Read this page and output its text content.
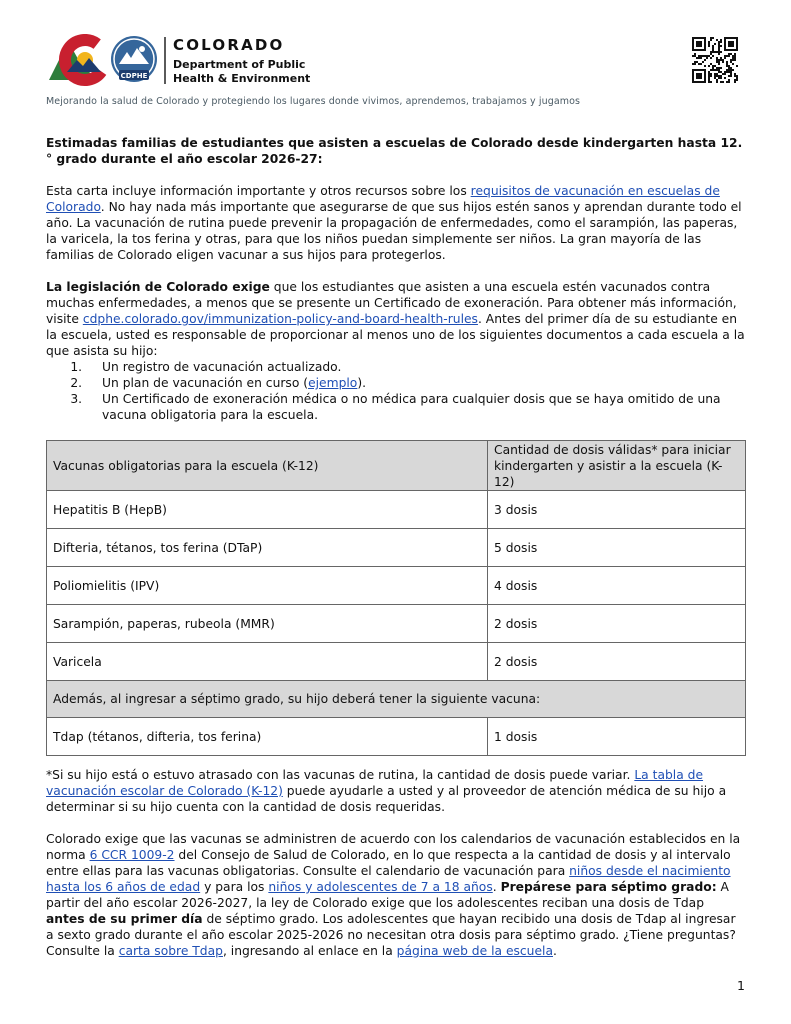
CDPHE
COLORADO
Department of Public
Health & Environment
Mejorando la salud de Colorado y protegiendo los lugares donde vivimos, aprendemos, trabajamos y jugamos

Estimadas familias de estudiantes que asisten a escuelas de Colorado desde kindergarten hasta 12.° grado durante el año escolar 2026-27:

Esta carta incluye información importante y otros recursos sobre los requisitos de vacunación en escuelas de Colorado. No hay nada más importante que asegurarse de que sus hijos estén sanos y aprendan durante todo el año. La vacunación de rutina puede prevenir la propagación de enfermedades, como el sarampión, las paperas, la varicela, la tos ferina y otras, para que los niños puedan simplemente ser niños. La gran mayoría de las familias de Colorado eligen vacunar a sus hijos para protegerlos.

La legislación de Colorado exige que los estudiantes que asisten a una escuela estén vacunados contra muchas enfermedades, a menos que se presente un Certificado de exoneración. Para obtener más información, visite cdphe.colorado.gov/immunization-policy-and-board-health-rules. Antes del primer día de su estudiante en la escuela, usted es responsable de proporcionar al menos uno de los siguientes documentos a cada escuela a la que asista su hijo:

1. Un registro de vacunación actualizado.
2. Un plan de vacunación en curso (ejemplo).
3. Un Certificado de exoneración médica o no médica para cualquier dosis que se haya omitido de una vacuna obligatoria para la escuela.
Vacunas obligatorias para la escuela (K-12)	Cantidad de dosis válidas* para iniciar kindergarten y asistir a la escuela (K-12)
Hepatitis B (HepB)	3 dosis
Difteria, tétanos, tos ferina (DTaP)	5 dosis
Poliomielitis (IPV)	4 dosis
Sarampión, paperas, rubeola (MMR)	2 dosis
Varicela	2 dosis
Además, al ingresar a séptimo grado, su hijo deberá tener la siguiente vacuna:	
Tdap (tétanos, difteria, tos ferina)	1 dosis

*Si su hijo está o estuvo atrasado con las vacunas de rutina, la cantidad de dosis puede variar. La tabla de vacunación escolar de Colorado (K-12) puede ayudarle a usted y al proveedor de atención médica de su hijo a determinar si su hijo cuenta con la cantidad de dosis requeridas.

Colorado exige que las vacunas se administren de acuerdo con los calendarios de vacunación establecidos en la norma 6 CCR 1009-2 del Consejo de Salud de Colorado, en lo que respecta a la cantidad de dosis y al intervalo entre ellas para las vacunas obligatorias. Consulte el calendario de vacunación para niños desde el nacimiento hasta los 6 años de edad y para los niños y adolescentes de 7 a 18 años. Prepárese para séptimo grado: A partir del año escolar 2026-2027, la ley de Colorado exige que los adolescentes reciban una dosis de Tdap antes de su primer día de séptimo grado. Los adolescentes que hayan recibido una dosis de Tdap al ingresar a sexto grado durante el año escolar 2025-2026 no necesitan otra dosis para séptimo grado. ¿Tiene preguntas? Consulte la carta sobre Tdap, ingresando al enlace en la página web de la escuela.

1
